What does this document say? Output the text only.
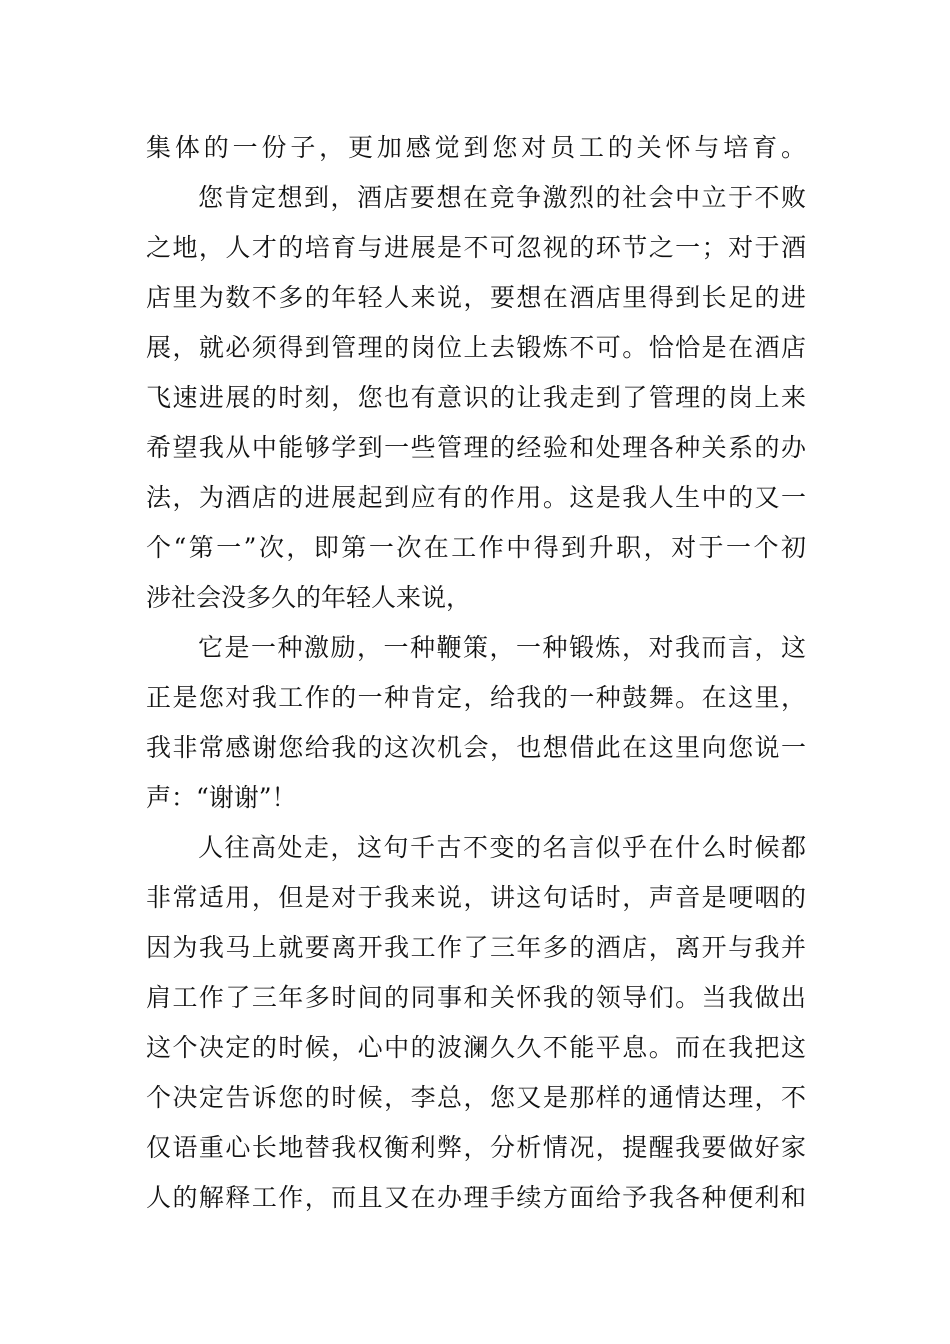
集体的一份子，更加感觉到您对员工的关怀与培育。
您肯定想到，酒店要想在竞争激烈的社会中立于不败
之地，人才的培育与进展是不可忽视的环节之一；对于酒
店里为数不多的年轻人来说，要想在酒店里得到长足的进
展，就必须得到管理的岗位上去锻炼不可。恰恰是在酒店
飞速进展的时刻，您也有意识的让我走到了管理的岗上来
希望我从中能够学到一些管理的经验和处理各种关系的办
法，为酒店的进展起到应有的作用。这是我人生中的又一
个“第一”次，即第一次在工作中得到升职，对于一个初
涉社会没多久的年轻人来说，
它是一种激励，一种鞭策，一种锻炼，对我而言，这
正是您对我工作的一种肯定，给我的一种鼓舞。在这里，
我非常感谢您给我的这次机会，也想借此在这里向您说一
声：“谢谢”！
人往高处走，这句千古不变的名言似乎在什么时候都
非常适用，但是对于我来说，讲这句话时，声音是哽咽的
因为我马上就要离开我工作了三年多的酒店，离开与我并
肩工作了三年多时间的同事和关怀我的领导们。当我做出
这个决定的时候，心中的波澜久久不能平息。而在我把这
个决定告诉您的时候，李总，您又是那样的通情达理，不
仅语重心长地替我权衡利弊，分析情况，提醒我要做好家
人的解释工作，而且又在办理手续方面给予我各种便利和
